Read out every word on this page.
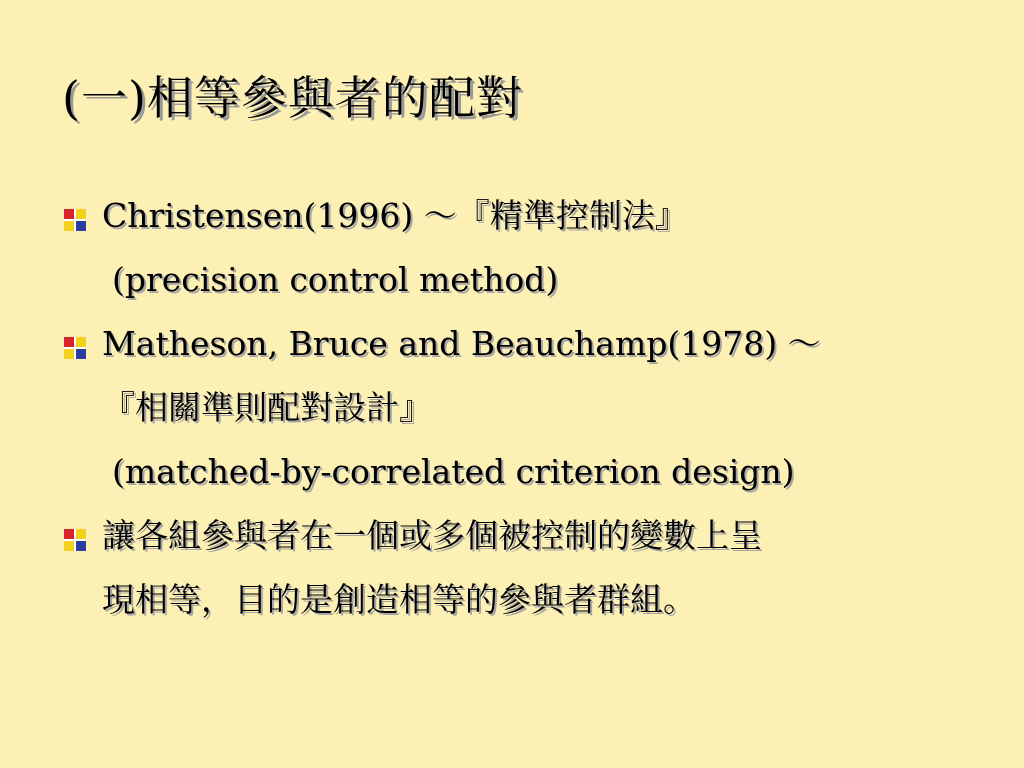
(一)相等參與者的配對
Christensen(1996) ～『精準控制法』
(precision control method)
Matheson, Bruce and Beauchamp(1978) ～
『相關準則配對設計』
(matched-by-correlated criterion design)
讓各組參與者在一個或多個被控制的變數上呈
現相等，目的是創造相等的參與者群組。
